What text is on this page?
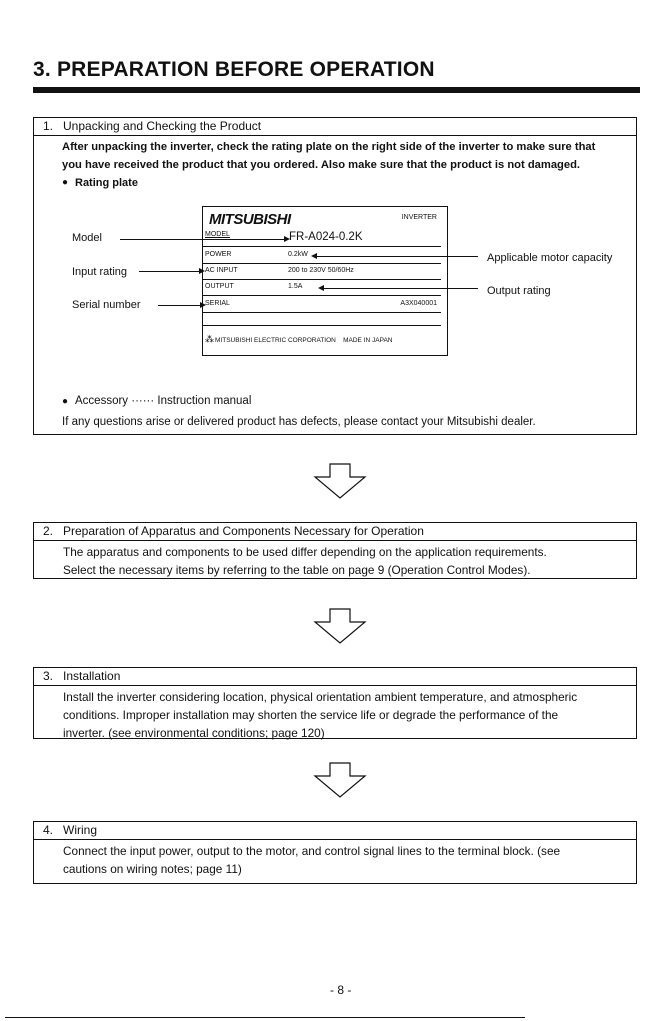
3. PREPARATION BEFORE OPERATION
1. Unpacking and Checking the Product

After unpacking the inverter, check the rating plate on the right side of the inverter to make sure that

you have received the product that you ordered. Also make sure that the product is not damaged.

● Rating plate

● Accessory ······ Instruction manual
If any questions arise or delivered product has defects, please contact your Mitsubishi dealer.
MITSUBISHI	INVERTER
MODEL	FR-A024-0.2K
POWER	0.2kW
AC INPUT	200 to 230V 50/60Hz
OUTPUT	1.5A
SERIAL	A3X040001
⁂MITSUBISHI ELECTRIC CORPORATION MADE IN JAPAN
Model
Input rating
Serial number
Applicable motor capacity
Output rating
2. Preparation of Apparatus and Components Necessary for Operation

The apparatus and components to be used differ depending on the application requirements.

Select the necessary items by referring to the table on page 9 (Operation Control Modes).

3. Installation

Install the inverter considering location, physical orientation ambient temperature, and atmospheric

conditions. Improper installation may shorten the service life or degrade the performance of the

inverter. (see environmental conditions; page 120)

4. Wiring

Connect the input power, output to the motor, and control signal lines to the terminal block. (see

cautions on wiring notes; page 11)

- 8 -
